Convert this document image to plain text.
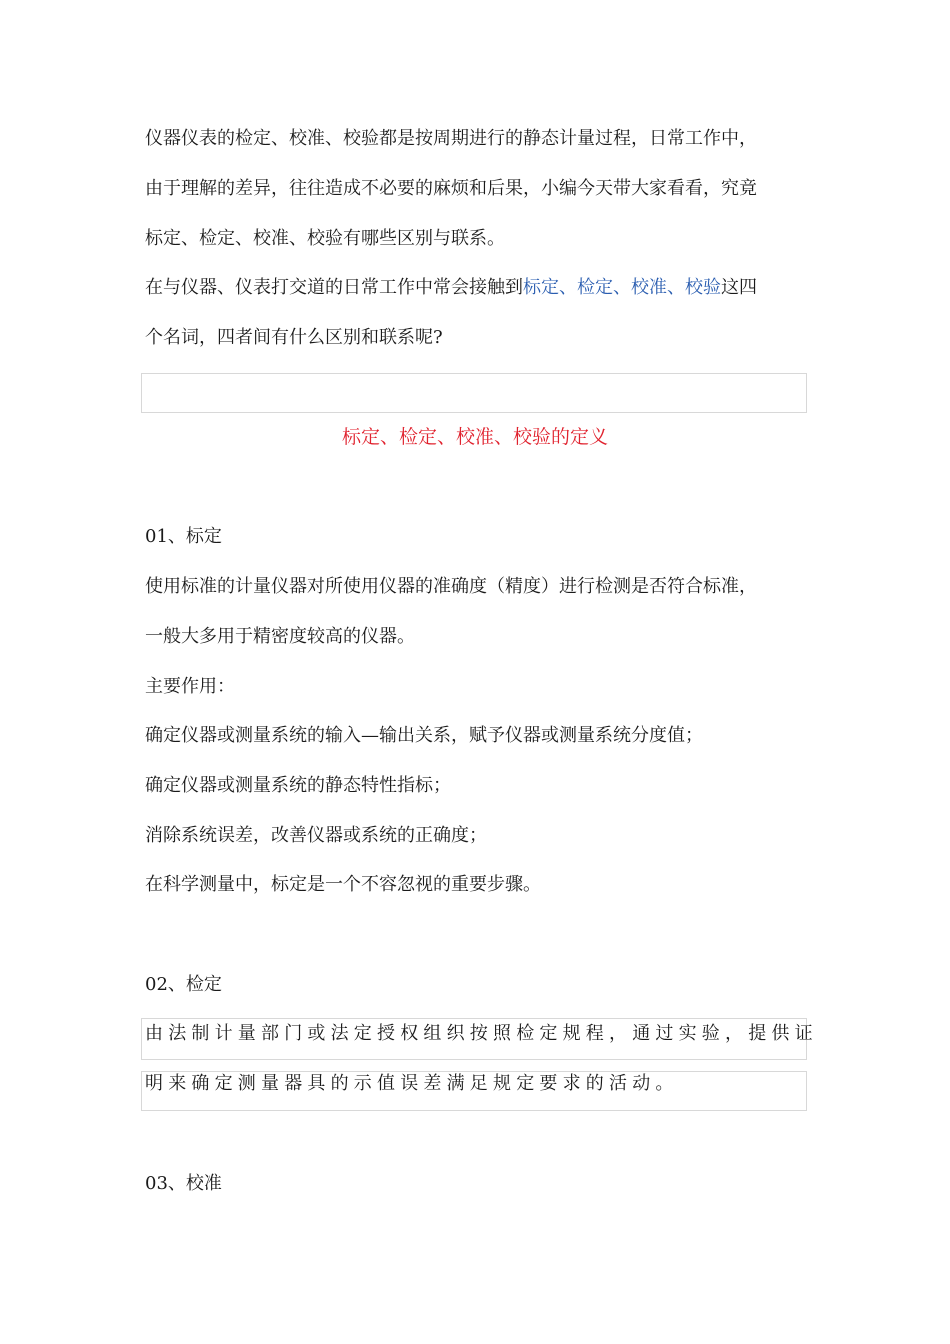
仪器仪表的检定、校准、校验都是按周期进行的静态计量过程，日常工作中，
由于理解的差异，往往造成不必要的麻烦和后果，小编今天带大家看看，究竟
标定、检定、校准、校验有哪些区别与联系。
在与仪器、仪表打交道的日常工作中常会接触到标定、检定、校准、校验这四
个名词，四者间有什么区别和联系呢?
标定、检定、校准、校验的定义
01、标定
使用标准的计量仪器对所使用仪器的准确度（精度）进行检测是否符合标准，
一般大多用于精密度较高的仪器。
主要作用：
确定仪器或测量系统的输入—输出关系，赋予仪器或测量系统分度值；
确定仪器或测量系统的静态特性指标；
消除系统误差，改善仪器或系统的正确度；
在科学测量中，标定是一个不容忽视的重要步骤。
02、检定
由法制计量部门或法定授权组织按照检定规程，通过实验，提供证
明来确定测量器具的示值误差满足规定要求的活动。
03、校准
